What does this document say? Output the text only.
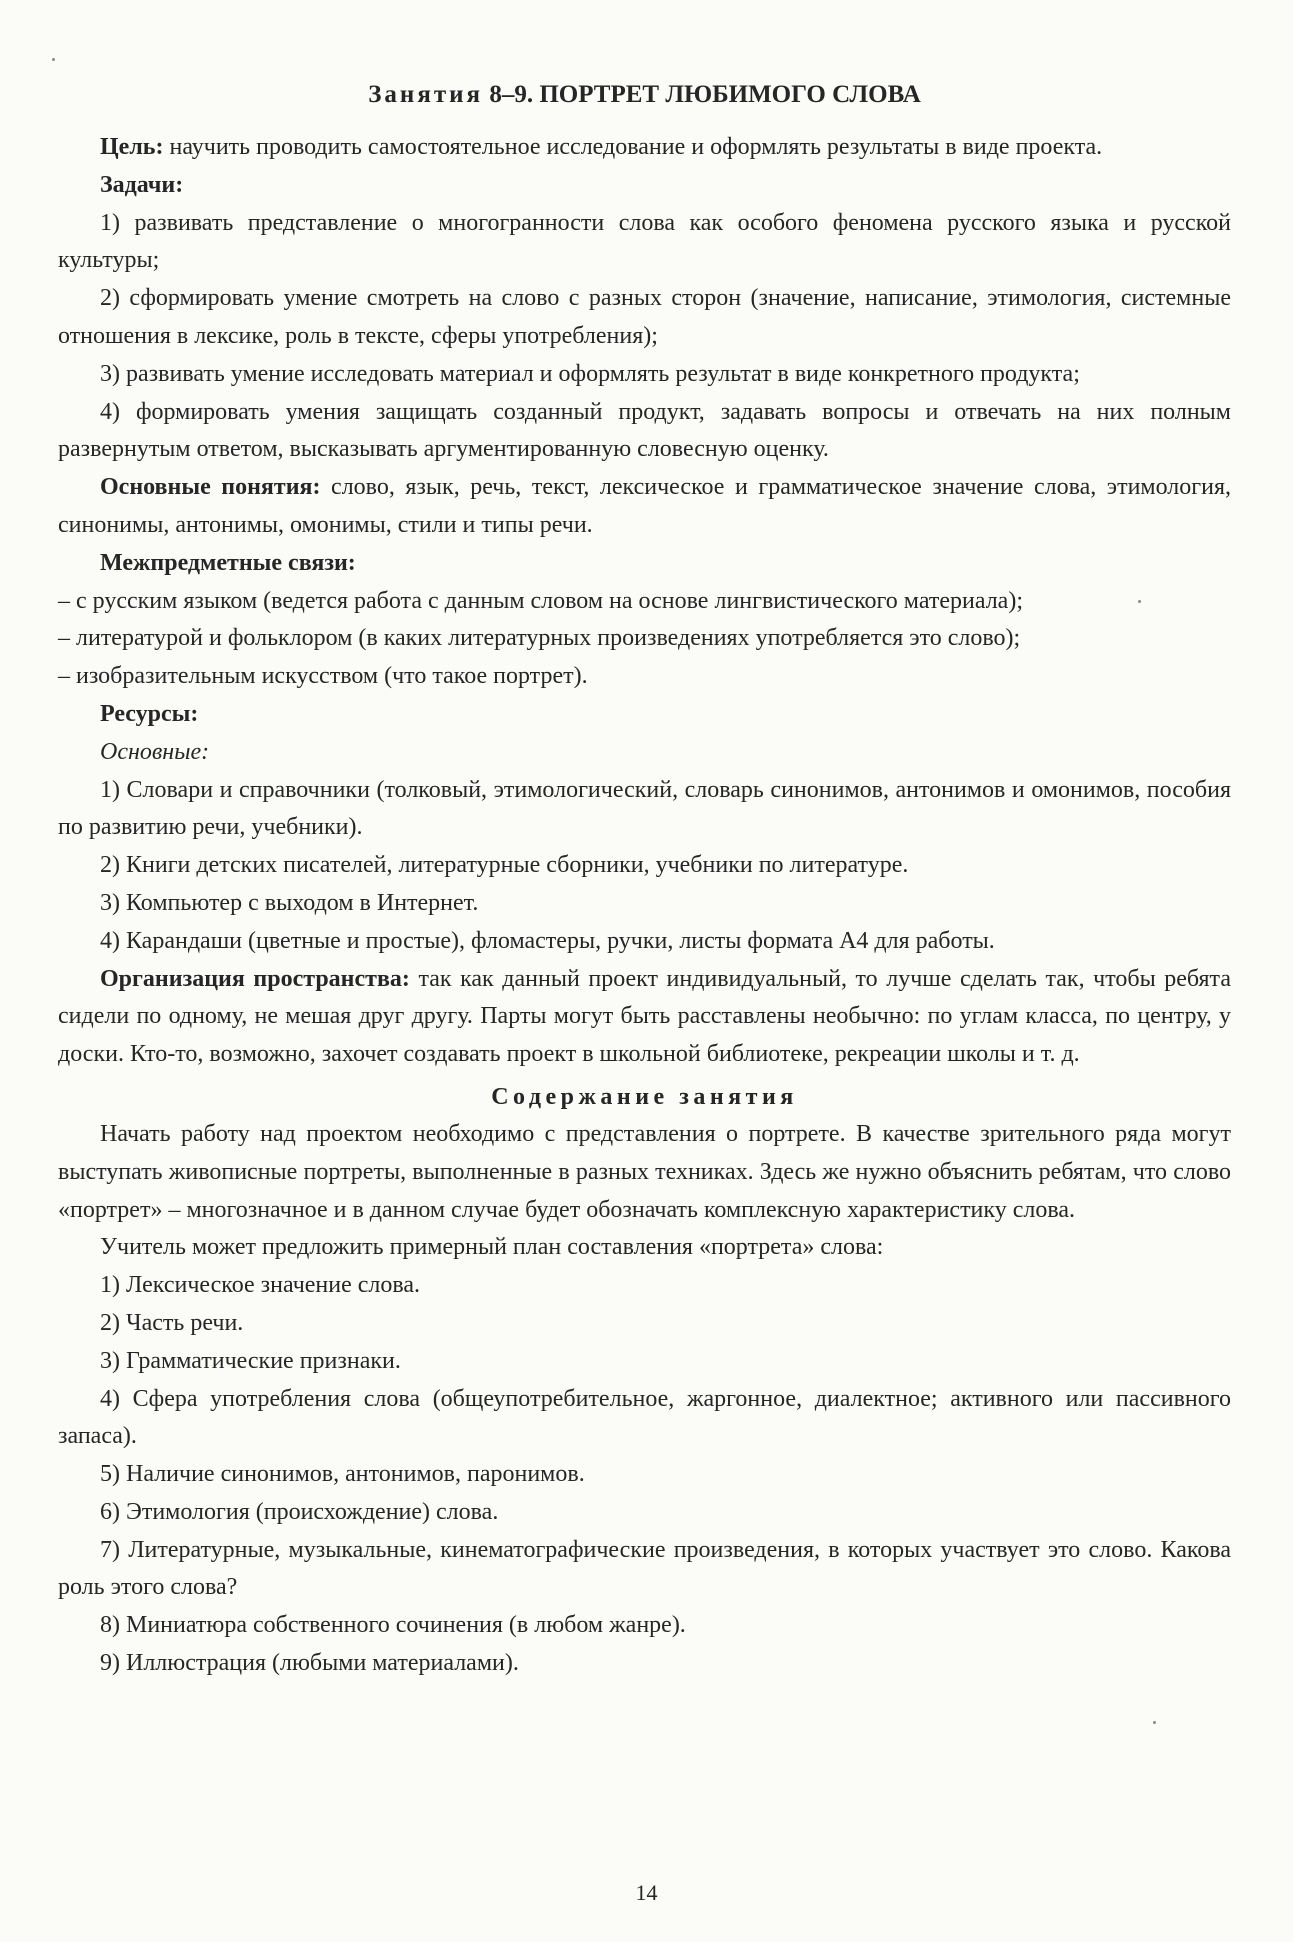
Занятия 8–9. ПОРТРЕТ ЛЮБИМОГО СЛОВА

Цель: научить проводить самостоятельное исследование и оформлять результаты в виде проекта.

Задачи:

1) развивать представление о многогранности слова как особого феномена русского языка и русской культуры;

2) сформировать умение смотреть на слово с разных сторон (значение, написание, этимология, системные отношения в лексике, роль в тексте, сферы употребления);

3) развивать умение исследовать материал и оформлять результат в виде конкретного продукта;

4) формировать умения защищать созданный продукт, задавать вопросы и отвечать на них полным развернутым ответом, высказывать аргументированную словесную оценку.

Основные понятия: слово, язык, речь, текст, лексическое и грамматическое значение слова, этимология, синонимы, антонимы, омонимы, стили и типы речи.

Межпредметные связи:

– с русским языком (ведется работа с данным словом на основе лингвистического материала);

– литературой и фольклором (в каких литературных произведениях употребляется это слово);

– изобразительным искусством (что такое портрет).

Ресурсы:

Основные:

1) Словари и справочники (толковый, этимологический, словарь синонимов, антонимов и омонимов, пособия по развитию речи, учебники).

2) Книги детских писателей, литературные сборники, учебники по литературе.

3) Компьютер с выходом в Интернет.

4) Карандаши (цветные и простые), фломастеры, ручки, листы формата А4 для работы.

Организация пространства: так как данный проект индивидуальный, то лучше сделать так, чтобы ребята сидели по одному, не мешая друг другу. Парты могут быть расставлены необычно: по углам класса, по центру, у доски. Кто-то, возможно, захочет создавать проект в школьной библиотеке, рекреации школы и т. д.

Содержание занятия

Начать работу над проектом необходимо с представления о портрете. В качестве зрительного ряда могут выступать живописные портреты, выполненные в разных техниках. Здесь же нужно объяснить ребятам, что слово «портрет» – многозначное и в данном случае будет обозначать комплексную характеристику слова.

Учитель может предложить примерный план составления «портрета» слова:

1) Лексическое значение слова.

2) Часть речи.

3) Грамматические признаки.

4) Сфера употребления слова (общеупотребительное, жаргонное, диалектное; активного или пассивного запаса).

5) Наличие синонимов, антонимов, паронимов.

6) Этимология (происхождение) слова.

7) Литературные, музыкальные, кинематографические произведения, в которых участвует это слово. Какова роль этого слова?

8) Миниатюра собственного сочинения (в любом жанре).

9) Иллюстрация (любыми материалами).

14
